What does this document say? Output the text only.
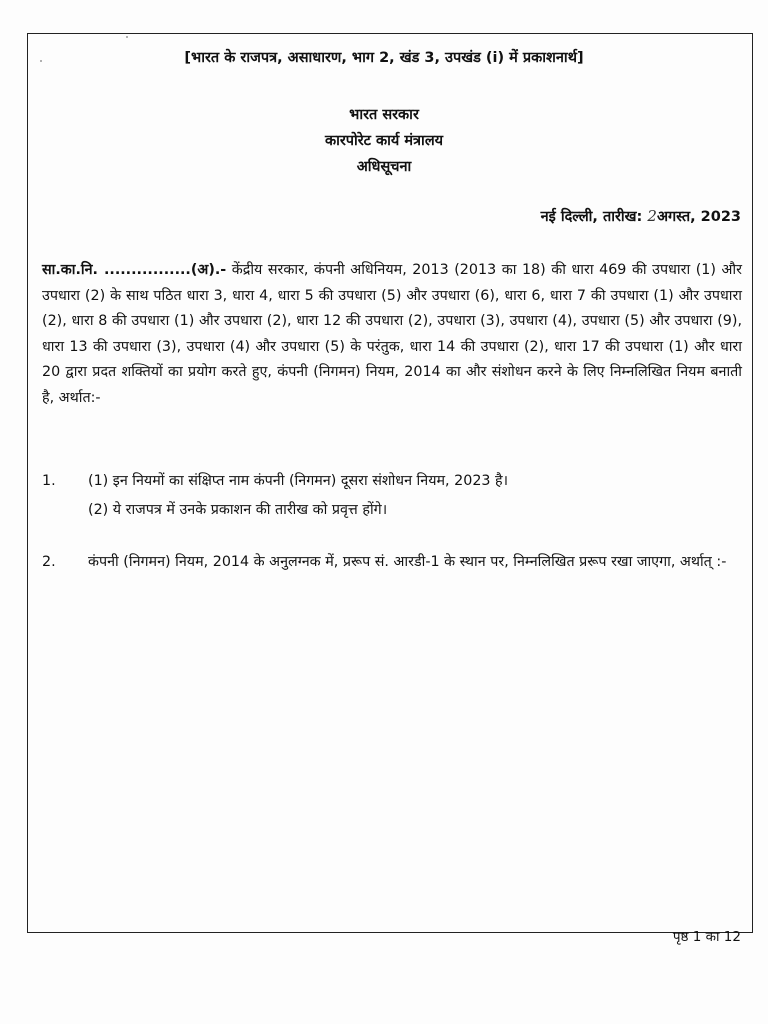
[भारत के राजपत्र, असाधारण, भाग 2, खंड 3, उपखंड (i) में प्रकाशनार्थ]
भारत सरकार
कारपोरेट कार्य मंत्रालय
अधिसूचना
नई दिल्ली, तारीख: 2अगस्त, 2023
सा.का.नि. ................(अ).- केंद्रीय सरकार, कंपनी अधिनियम, 2013 (2013 का 18) की धारा 469 की उपधारा (1) और उपधारा (2) के साथ पठित धारा 3, धारा 4, धारा 5 की उपधारा (5) और उपधारा (6), धारा 6, धारा 7 की उपधारा (1) और उपधारा (2), धारा 8 की उपधारा (1) और उपधारा (2), धारा 12 की उपधारा (2), उपधारा (3), उपधारा (4), उपधारा (5) और उपधारा (9), धारा 13 की उपधारा (3), उपधारा (4) और उपधारा (5) के परंतुक, धारा 14 की उपधारा (2), धारा 17 की उपधारा (1) और धारा 20 द्वारा प्रदत शक्तियों का प्रयोग करते हुए, कंपनी (निगमन) नियम, 2014 का और संशोधन करने के लिए निम्नलिखित नियम बनाती है, अर्थात:-
1.	(1) इन नियमों का संक्षिप्त नाम कंपनी (निगमन) दूसरा संशोधन नियम, 2023 है।
(2) ये राजपत्र में उनके प्रकाशन की तारीख को प्रवृत्त होंगे।
2.	कंपनी (निगमन) नियम, 2014 के अनुलग्नक में, प्ररूप सं. आरडी-1 के स्थान पर, निम्नलिखित प्ररूप रखा जाएगा, अर्थात् :-
पृष्ठ 1 का 12
